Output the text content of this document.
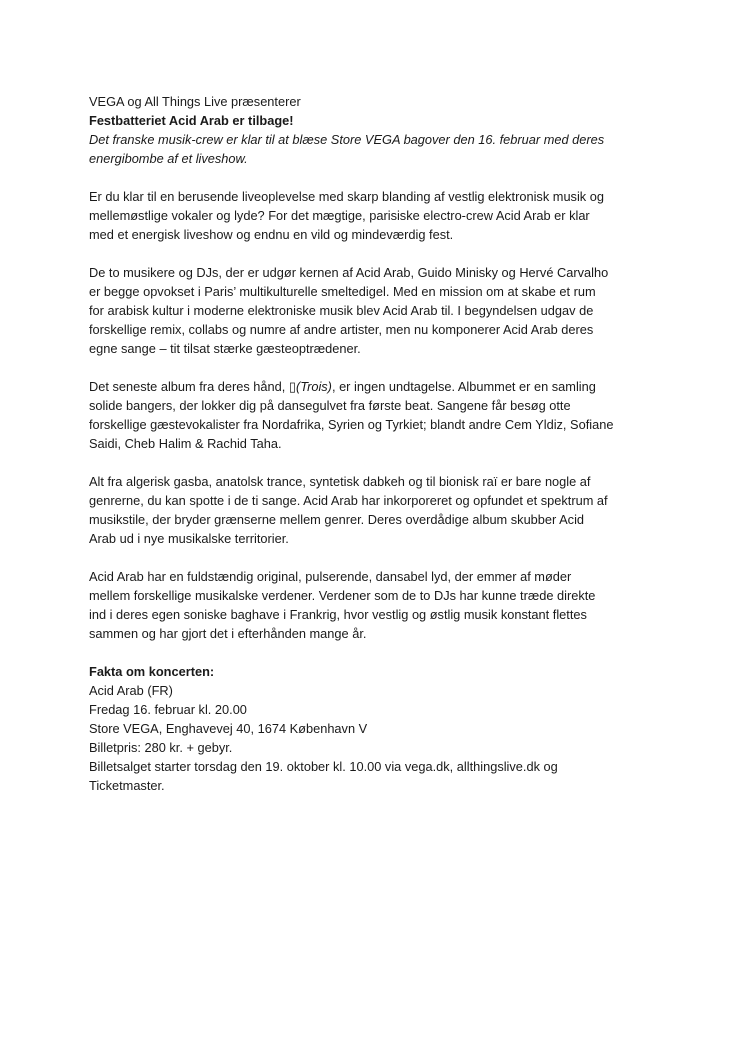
VEGA og All Things Live præsenterer
Festbatteriet Acid Arab er tilbage!
Det franske musik-crew er klar til at blæse Store VEGA bagover den 16. februar med deres
energibombe af et liveshow.
Er du klar til en berusende liveoplevelse med skarp blanding af vestlig elektronisk musik og
mellemøstlige vokaler og lyde? For det mægtige, parisiske electro-crew Acid Arab er klar
med et energisk liveshow og endnu en vild og mindeværdig fest.
De to musikere og DJs, der er udgør kernen af Acid Arab, Guido Minisky og Hervé Carvalho
er begge opvokset i Paris’ multikulturelle smeltedigel. Med en mission om at skabe et rum
for arabisk kultur i moderne elektroniske musik blev Acid Arab til. I begyndelsen udgav de
forskellige remix, collabs og numre af andre artister, men nu komponerer Acid Arab deres
egne sange – tit tilsat stærke gæsteoptrædener.
Det seneste album fra deres hånd, ▯(Trois), er ingen undtagelse. Albummet er en samling
solide bangers, der lokker dig på dansegulvet fra første beat. Sangene får besøg otte
forskellige gæstevokalister fra Nordafrika, Syrien og Tyrkiet; blandt andre Cem Yldiz, Sofiane
Saidi, Cheb Halim & Rachid Taha.
Alt fra algerisk gasba, anatolsk trance, syntetisk dabkeh og til bionisk raï er bare nogle af
genrerne, du kan spotte i de ti sange. Acid Arab har inkorporeret og opfundet et spektrum af
musikstile, der bryder grænserne mellem genrer. Deres overdådige album skubber Acid
Arab ud i nye musikalske territorier.
Acid Arab har en fuldstændig original, pulserende, dansabel lyd, der emmer af møder
mellem forskellige musikalske verdener. Verdener som de to DJs har kunne træde direkte
ind i deres egen soniske baghave i Frankrig, hvor vestlig og østlig musik konstant flettes
sammen og har gjort det i efterhånden mange år.
Fakta om koncerten:
Acid Arab (FR)
Fredag 16. februar kl. 20.00
Store VEGA, Enghavevej 40, 1674 København V
Billetpris: 280 kr. + gebyr.
Billetsalget starter torsdag den 19. oktober kl. 10.00 via vega.dk, allthingslive.dk og
Ticketmaster.
